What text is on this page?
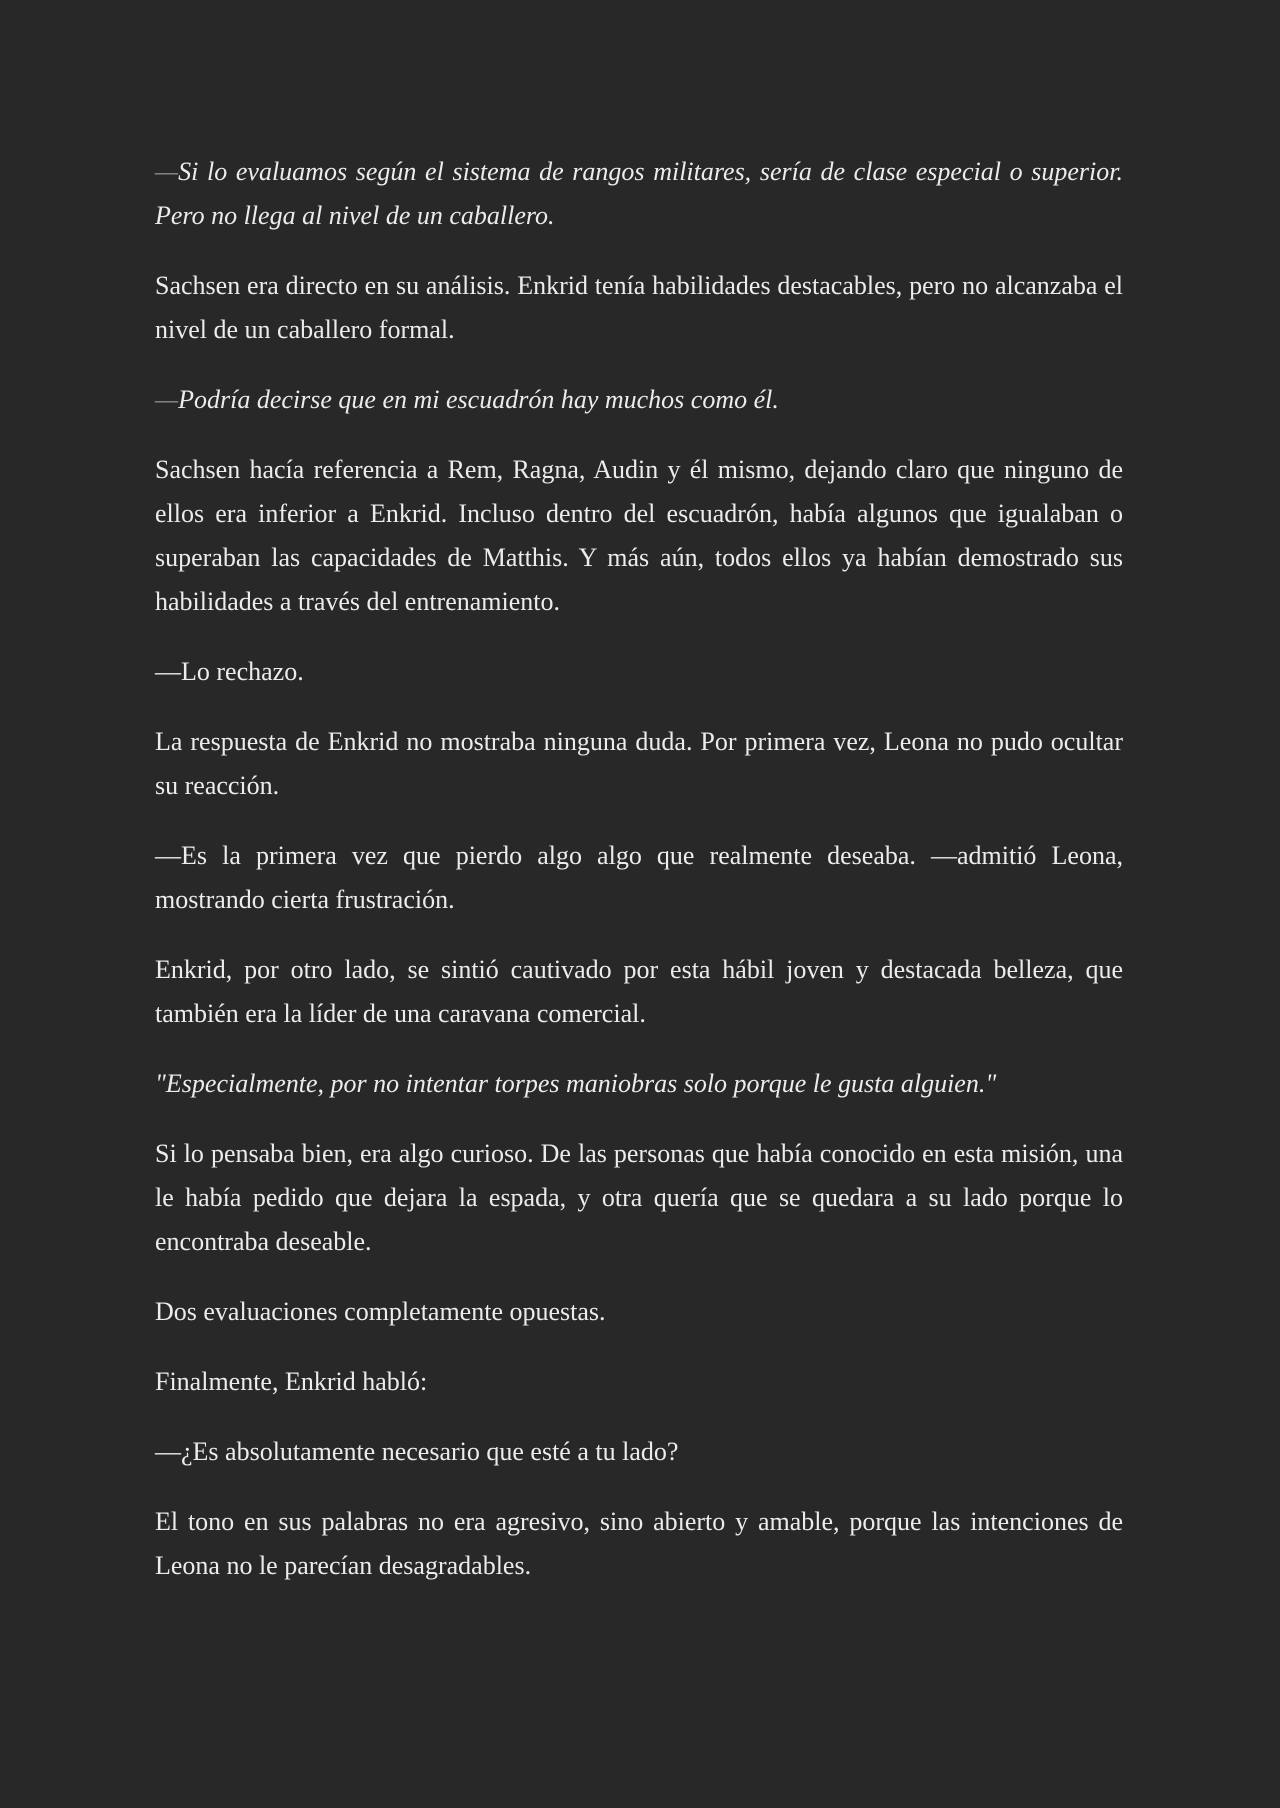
—Si lo evaluamos según el sistema de rangos militares, sería de clase especial o superior. Pero no llega al nivel de un caballero.

Sachsen era directo en su análisis. Enkrid tenía habilidades destacables, pero no alcanzaba el nivel de un caballero formal.

—Podría decirse que en mi escuadrón hay muchos como él.

Sachsen hacía referencia a Rem, Ragna, Audin y él mismo, dejando claro que ninguno de ellos era inferior a Enkrid. Incluso dentro del escuadrón, había algunos que igualaban o superaban las capacidades de Matthis. Y más aún, todos ellos ya habían demostrado sus habilidades a través del entrenamiento.

—Lo rechazo.

La respuesta de Enkrid no mostraba ninguna duda. Por primera vez, Leona no pudo ocultar su reacción.

—Es la primera vez que pierdo algo algo que realmente deseaba. —admitió Leona, mostrando cierta frustración.

Enkrid, por otro lado, se sintió cautivado por esta hábil joven y destacada belleza, que también era la líder de una caravana comercial.

"Especialmente, por no intentar torpes maniobras solo porque le gusta alguien."

Si lo pensaba bien, era algo curioso. De las personas que había conocido en esta misión, una le había pedido que dejara la espada, y otra quería que se quedara a su lado porque lo encontraba deseable.

Dos evaluaciones completamente opuestas.

Finalmente, Enkrid habló:

—¿Es absolutamente necesario que esté a tu lado?

El tono en sus palabras no era agresivo, sino abierto y amable, porque las intenciones de Leona no le parecían desagradables.
